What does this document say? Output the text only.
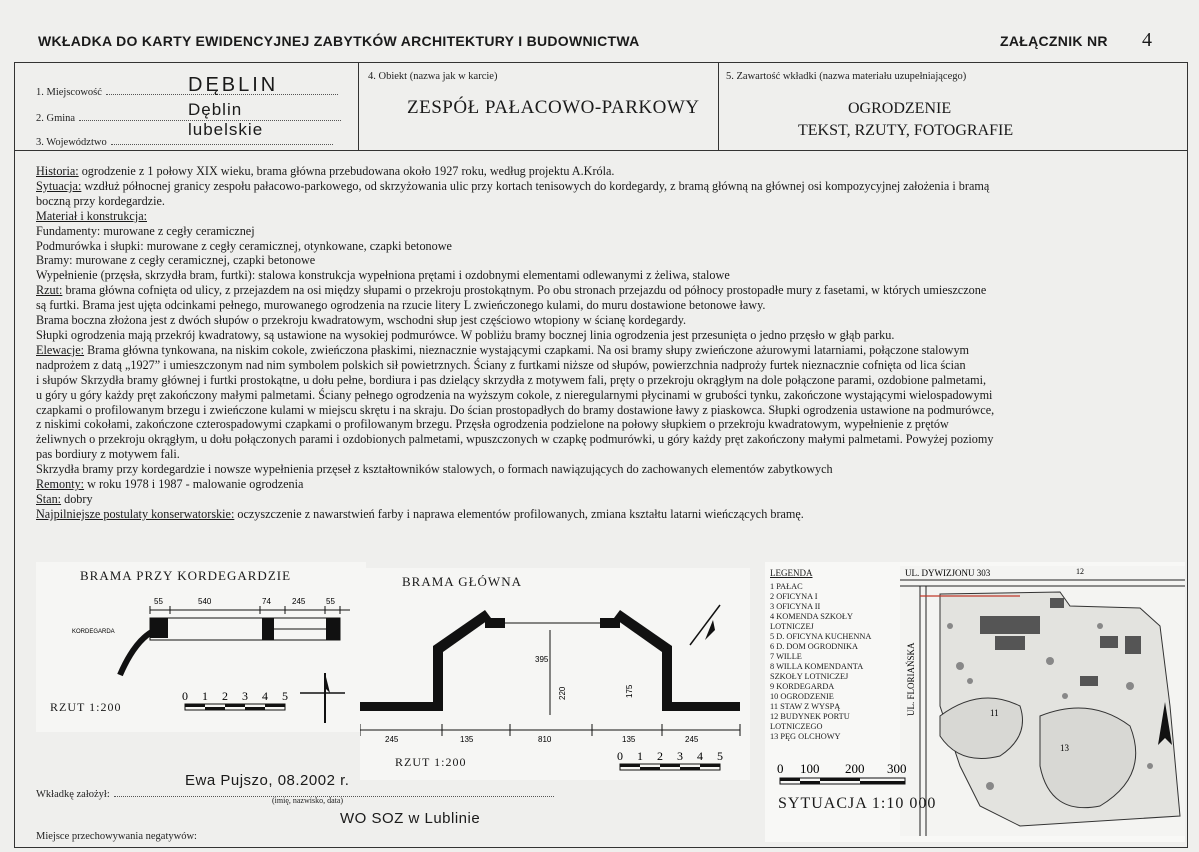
WKŁADKA DO KARTY EWIDENCYJNEJ ZABYTKÓW ARCHITEKTURY I BUDOWNICTWA	ZAŁĄCZNIK NR 4
1. Miejscowość	DĘBLIN
2. Gmina	Dęblin
3. Województwo
lubelskie
4. Obiekt (nazwa jak w karcie)
ZESPÓŁ PAŁACOWO-PARKOWY
5. Zawartość wkładki (nazwa materiału uzupełniającego)
OGRODZENIE
TEKST, RZUTY, FOTOGRAFIE
Historia: ogrodzenie z 1 połowy XIX wieku, brama główna przebudowana około 1927 roku, według projektu A.Króla.
Sytuacja: wzdłuż północnej granicy zespołu pałacowo-parkowego, od skrzyżowania ulic przy kortach tenisowych do kordegardy, z bramą główną na głównej osi kompozycyjnej założenia i bramą
boczną przy kordegardzie.
Materiał i konstrukcja:
Fundamenty: murowane z cegły ceramicznej
Podmurówka i słupki: murowane z cegły ceramicznej, otynkowane, czapki betonowe
Bramy: murowane z cegły ceramicznej, czapki betonowe
Wypełnienie (przęsła, skrzydła bram, furtki): stalowa konstrukcja wypełniona prętami i ozdobnymi elementami odlewanymi z żeliwa, stalowe
Rzut: brama główna cofnięta od ulicy, z przejazdem na osi między słupami o przekroju prostokątnym. Po obu stronach przejazdu od północy prostopadłe mury z fasetami, w których umieszczone
są furtki. Brama jest ujęta odcinkami pełnego, murowanego ogrodzenia na rzucie litery L zwieńczonego kulami, do muru dostawione betonowe ławy.
Brama boczna złożona jest z dwóch słupów o przekroju kwadratowym, wschodni słup jest częściowo wtopiony w ścianę kordegardy.
Słupki ogrodzenia mają przekrój kwadratowy, są ustawione na wysokiej podmurówce. W pobliżu bramy bocznej linia ogrodzenia jest przesunięta o jedno przęsło w głąb parku.
Elewacje: Brama główna tynkowana, na niskim cokole, zwieńczona płaskimi, nieznacznie wystającymi czapkami. Na osi bramy słupy zwieńczone ażurowymi latarniami, połączone stalowym
nadprożem z datą „1927” i umieszczonym nad nim symbolem polskich sił powietrznych. Ściany z furtkami niższe od słupów, powierzchnia nadproży furtek nieznacznie cofnięta od lica ścian
i słupów Skrzydła bramy głównej i furtki prostokątne, u dołu pełne, bordiura i pas dzielący skrzydła z motywem fali, pręty o przekroju okrągłym na dole połączone parami, ozdobione palmetami,
u góry u góry każdy pręt zakończony małymi palmetami. Ściany pełnego ogrodzenia na wyższym cokole, z nieregularnymi płycinami w grubości tynku, zakończone wystającymi wielospadowymi
czapkami o profilowanym brzegu i zwieńczone kulami w miejscu skrętu i na skraju. Do ścian prostopadłych do bramy dostawione ławy z piaskowca. Słupki ogrodzenia ustawione na podmurówce,
z niskimi cokołami, zakończone czterospadowymi czapkami o profilowanym brzegu. Przęsła ogrodzenia podzielone na połowy słupkiem o przekroju kwadratowym, wypełnienie z prętów
żeliwnych o przekroju okrągłym, u dołu połączonych parami i ozdobionych palmetami, wpuszczonych w czapkę podmurówki, u góry każdy pręt zakończony małymi palmetami. Powyżej poziomy
pas bordiury z motywem fali.
Skrzydła bramy przy kordegardzie i nowsze wypełnienia przęseł z kształtowników stalowych, o formach nawiązujących do zachowanych elementów zabytkowych
Remonty: w roku 1978 i 1987 - malowanie ogrodzenia
Stan: dobry
Najpilniejsze postulaty konserwatorskie: oczyszczenie z nawarstwień farby i naprawa elementów profilowanych, zmiana kształtu latarni wieńczących bramę.
BRAMA PRZY KORDEGARDZIE
55	540	74	245	55
KORDEGARDA
RZUT 1:200
0 1 2 3 4 5
BRAMA GŁÓWNA
245	135	810	135	245
395
220	175
RZUT 1:200	0 1 2 3 4 5
LEGENDA
1 PAŁAC
2 OFICYNA I
3 OFICYNA II
4 KOMENDA SZKOŁY
LOTNICZEJ
5 D. OFICYNA KUCHENNA
6 D. DOM OGRODNIKA
7 WILLE
8 WILLA KOMENDANTA
SZKOŁY LOTNICZEJ
9 KORDEGARDA
10 OGRODZENIE
11 STAW Z WYSPĄ
12 BUDYNEK PORTU
LOTNICZEGO
13 PĘG OLCHOWY
UL. DYWIZJONU 303
UL. FLORIAŃSKA
12
11
13
0 100 200 300
SYTUACJA 1:10 000
Wkładkę założył:
Ewa Pujszo, 08.2002 r.
(imię, nazwisko, data)
Miejsce przechowywania negatywów:
WO SOZ w Lublinie
